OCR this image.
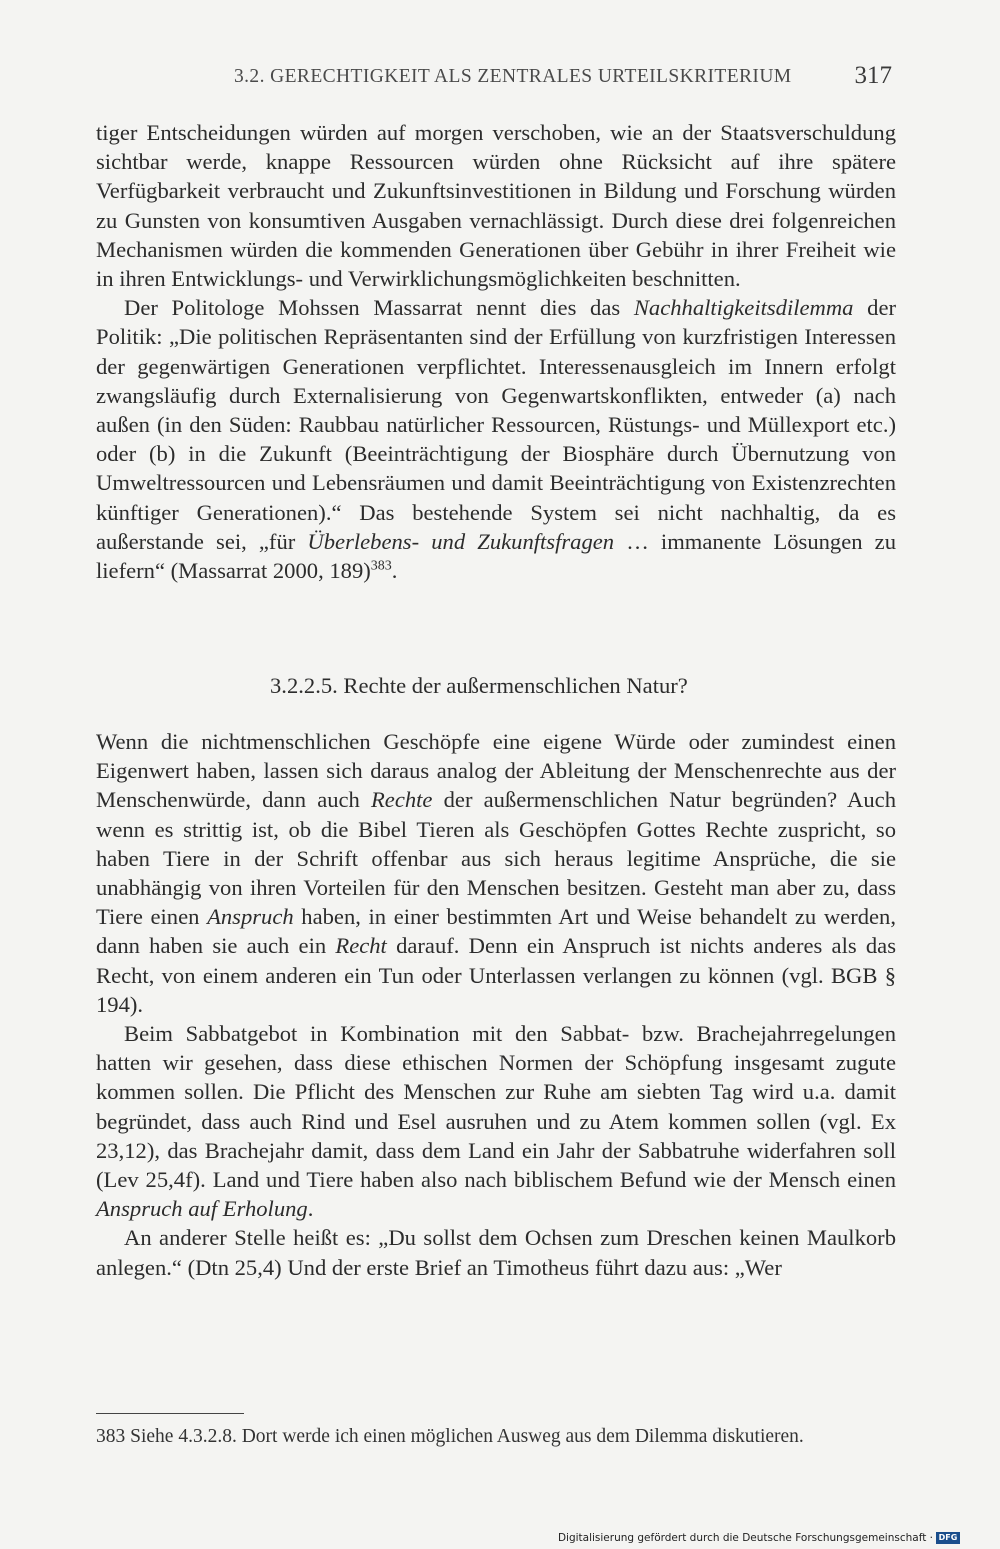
3.2. GERECHTIGKEIT ALS ZENTRALES URTEILSKRITERIUM	317

tiger Entscheidungen würden auf morgen verschoben, wie an der Staatsverschuldung sichtbar werde, knappe Ressourcen würden ohne Rücksicht auf ihre spätere Verfügbarkeit verbraucht und Zukunftsinvestitionen in Bildung und Forschung würden zu Gunsten von konsumtiven Ausgaben vernachlässigt. Durch diese drei folgenreichen Mechanismen würden die kommenden Generationen über Gebühr in ihrer Freiheit wie in ihren Entwicklungs- und Verwirklichungsmöglichkeiten beschnitten.

Der Politologe Mohssen Massarrat nennt dies das Nachhaltigkeitsdilemma der Politik: „Die politischen Repräsentanten sind der Erfüllung von kurzfristigen Interessen der gegenwärtigen Generationen verpflichtet. Interessenausgleich im Innern erfolgt zwangsläufig durch Externalisierung von Gegenwartskonflikten, entweder (a) nach außen (in den Süden: Raubbau natürlicher Ressourcen, Rüstungs- und Müllexport etc.) oder (b) in die Zukunft (Beeinträchtigung der Biosphäre durch Übernutzung von Umweltressourcen und Lebensräumen und damit Beeinträchtigung von Existenzrechten künftiger Generationen).“ Das bestehende System sei nicht nachhaltig, da es außerstande sei, „für Überlebens- und Zukunftsfragen … immanente Lösungen zu liefern“ (Massarrat 2000, 189)$^{383}$.

3.2.2.5. Rechte der außermenschlichen Natur?

Wenn die nichtmenschlichen Geschöpfe eine eigene Würde oder zumindest einen Eigenwert haben, lassen sich daraus analog der Ableitung der Menschenrechte aus der Menschenwürde, dann auch Rechte der außermenschlichen Natur begründen? Auch wenn es strittig ist, ob die Bibel Tieren als Geschöpfen Gottes Rechte zuspricht, so haben Tiere in der Schrift offenbar aus sich heraus legitime Ansprüche, die sie unabhängig von ihren Vorteilen für den Menschen besitzen. Gesteht man aber zu, dass Tiere einen Anspruch haben, in einer bestimmten Art und Weise behandelt zu werden, dann haben sie auch ein Recht darauf. Denn ein Anspruch ist nichts anderes als das Recht, von einem anderen ein Tun oder Unterlassen verlangen zu können (vgl. BGB § 194).

Beim Sabbatgebot in Kombination mit den Sabbat- bzw. Brachejahrregelungen hatten wir gesehen, dass diese ethischen Normen der Schöpfung insgesamt zugute kommen sollen. Die Pflicht des Menschen zur Ruhe am siebten Tag wird u.a. damit begründet, dass auch Rind und Esel ausruhen und zu Atem kommen sollen (vgl. Ex 23,12), das Brachejahr damit, dass dem Land ein Jahr der Sabbatruhe widerfahren soll (Lev 25,4f). Land und Tiere haben also nach biblischem Befund wie der Mensch einen Anspruch auf Erholung.

An anderer Stelle heißt es: „Du sollst dem Ochsen zum Dreschen keinen Maulkorb anlegen.“ (Dtn 25,4) Und der erste Brief an Timotheus führt dazu aus: „Wer

383 Siehe 4.3.2.8. Dort werde ich einen möglichen Ausweg aus dem Dilemma diskutieren.
Digitalisierung gefördert durch die Deutsche Forschungsgemeinschaft · DFG
